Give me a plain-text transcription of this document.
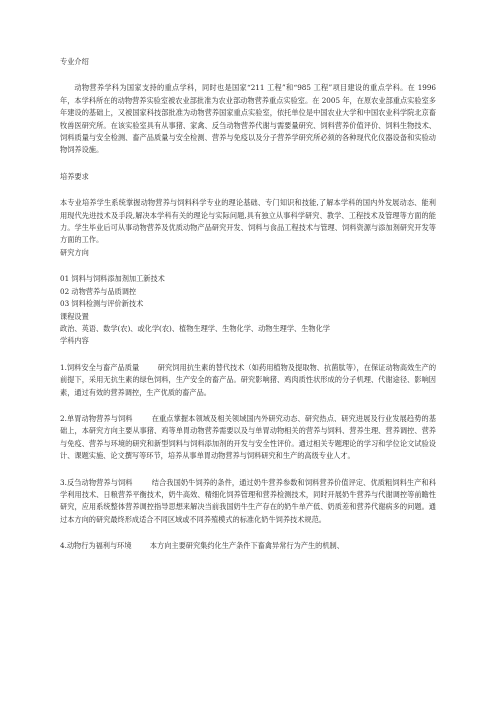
专业介绍

动物营养学科为国家支持的重点学科，同时也是国家“211 工程”和“985 工程”项目建设的重点学科。在 1996 年，本学科所在的动物营养实验室被农业部批准为农业部动物营养重点实验室。在 2005 年，在原农业部重点实验室多年建设的基础上，又被国家科技部批准为动物营养国家重点实验室，依托单位是中国农业大学和中国农业科学院北京畜牧兽医研究所。在该实验室具有从事猪、家禽、反刍动物营养代谢与需要量研究、饲料营养价值评价、饲料生物技术、饲料质量与安全检测、畜产品质量与安全检测、营养与免疫以及分子营养学研究所必须的各种现代化仪器设备和实验动物饲养设施。

培养要求

本专业培养学生系统掌握动物营养与饲料科学专业的理论基础、专门知识和技能,了解本学科的国内外发展动态、能利用现代先进技术及手段,解决本学科有关的理论与实际问题,具有独立从事科学研究、教学、工程技术及管理等方面的能力。学生毕业后可从事动物营养及优质动物产品研究开发、饲料与食品工程技术与管理、饲料资源与添加剂研究开发等方面的工作。

研究方向

01 饲料与饲料添加剂加工新技术

02 动物营养与品质调控

03 饲料检测与评价新技术

课程设置

政治、英语、数学(农)、或化学(农)、植物生理学、生物化学、动物生理学、生物化学

学科内容

1.饲料安全与畜产品质量	研究饲用抗生素的替代技术（如药用植物及提取物、抗菌肽等），在保证动物高效生产的前提下，采用无抗生素的绿色饲料，生产安全的畜产品。研究影响猪、鸡肉质性状形成的分子机理、代谢途径、影响因素，通过有效的营养调控，生产优质的畜产品。

2.单胃动物营养与饲料	在重点掌握本领域及相关领域国内外研究动态、研究热点、研究进展及行业发展趋势的基础上，本研究方向主要从事猪、鸡等单胃动物营养需要以及与单胃动物相关的营养与饲料、营养生理、营养调控、营养与免疫、营养与环境的研究和新型饲料与饲料添加剂的开发与安全性评价。通过相关专题理论的学习和学位论文试验设计、课题实施、论文撰写等环节，培养从事单胃动物营养与饲料研究和生产的高级专业人才。

3.反刍动物营养与饲料	结合我国奶牛饲养的条件，通过奶牛营养参数和饲料营养价值评定、优质粗饲料生产和科学利用技术、日粮营养平衡技术，奶牛高效、精细化饲养管理和营养检测技术，同时开展奶牛营养与代谢调控等前瞻性研究，应用系统整体营养调控指导思想来解决当前我国奶牛生产存在的奶牛单产低、奶质差和营养代谢病多的问题。通过本方向的研究最终形成适合不同区域或不同养殖模式的标准化奶牛饲养技术规范。

4.动物行为福利与环境	本方向主要研究集约化生产条件下畜禽异常行为产生的机制、
